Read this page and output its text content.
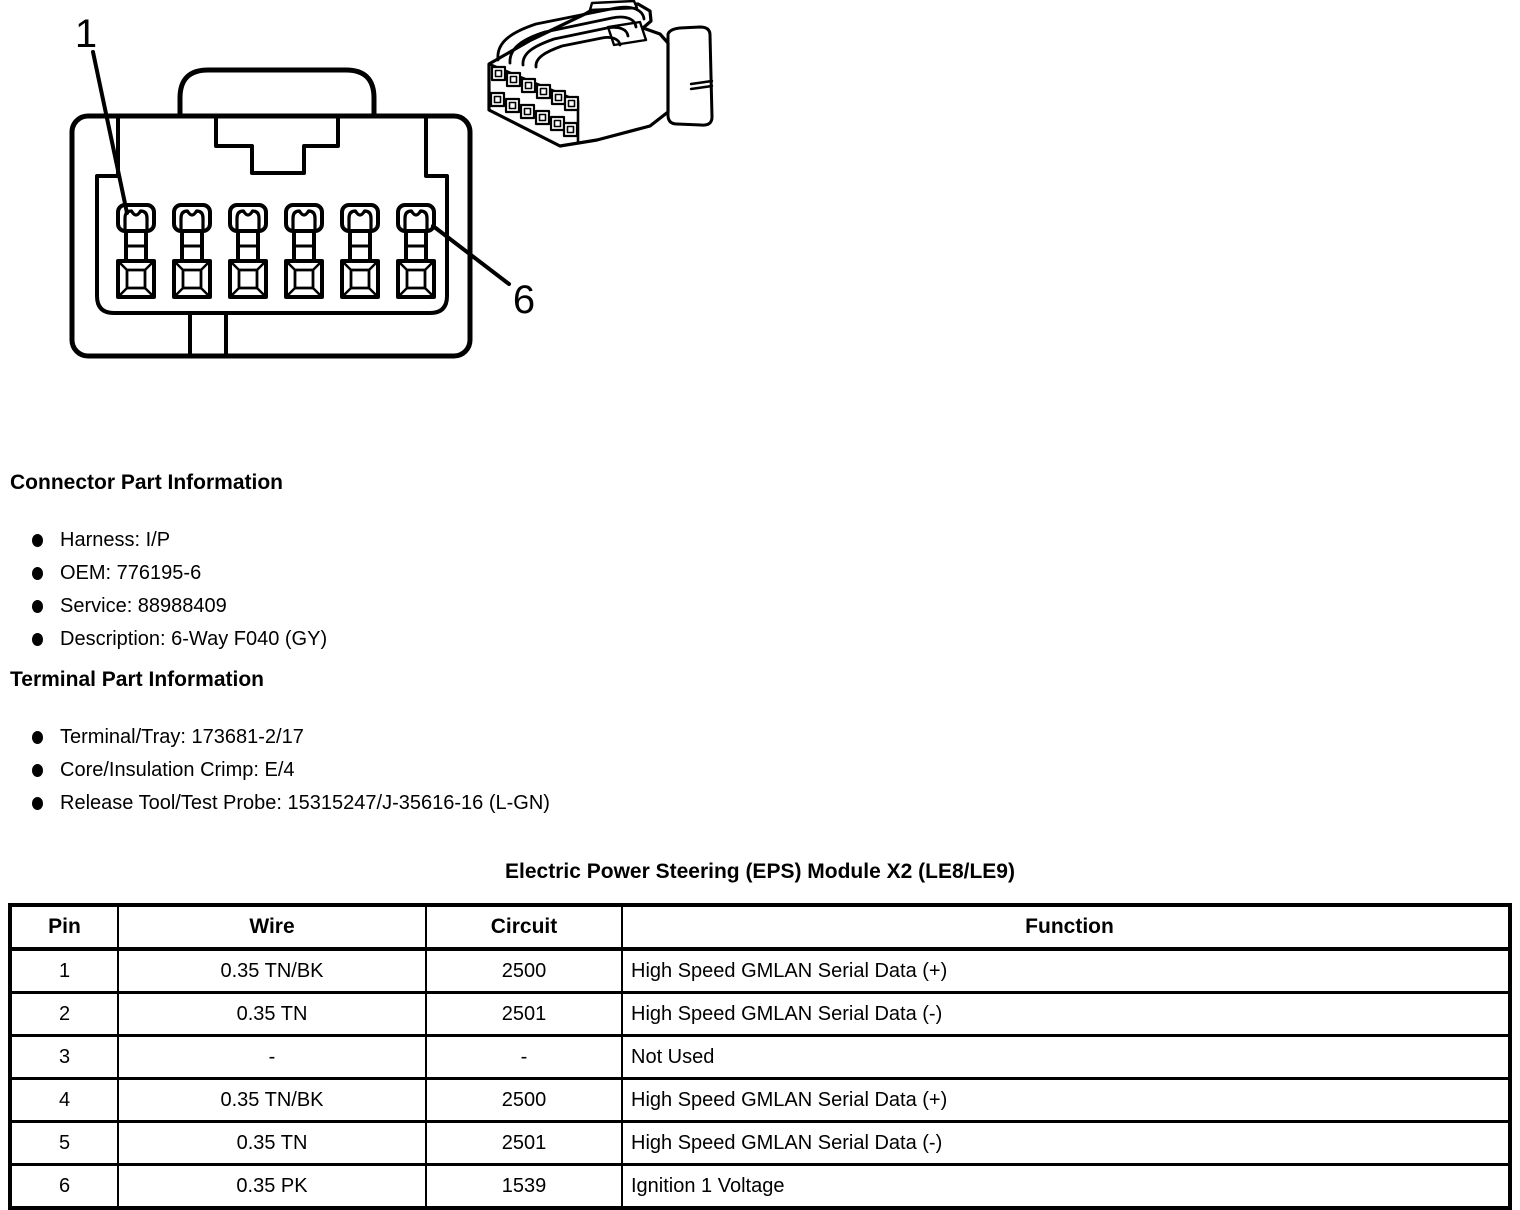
1
6
Connector Part Information
Harness: I/P
OEM: 776195-6
Service: 88988409
Description: 6-Way F040 (GY)
Terminal Part Information
Terminal/Tray: 173681-2/17
Core/Insulation Crimp: E/4
Release Tool/Test Probe: 15315247/J-35616-16 (L-GN)
Electric Power Steering (EPS) Module X2 (LE8/LE9)
Pin	Wire	Circuit	Function
1	0.35 TN/BK	2500	High Speed GMLAN Serial Data (+)
2	0.35 TN	2501	High Speed GMLAN Serial Data (-)
3	-	-	Not Used
4	0.35 TN/BK	2500	High Speed GMLAN Serial Data (+)
5	0.35 TN	2501	High Speed GMLAN Serial Data (-)
6	0.35 PK	1539	Ignition 1 Voltage
